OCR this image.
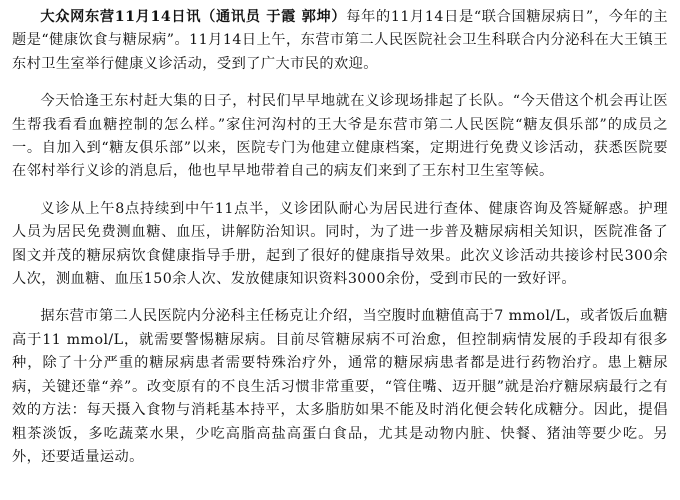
大众网东营11月14日讯（通讯员 于霞 郭坤）每年的11月14日是“联合国糖尿病日”，今年的主题是“健康饮食与糖尿病”。11月14日上午，东营市第二人民医院社会卫生科联合内分泌科在大王镇王东村卫生室举行健康义诊活动，受到了广大市民的欢迎。

今天恰逢王东村赶大集的日子，村民们早早地就在义诊现场排起了长队。“今天借这个机会再让医生帮我看看血糖控制的怎么样。”家住河沟村的王大爷是东营市第二人民医院“糖友俱乐部”的成员之一。自加入到“糖友俱乐部”以来，医院专门为他建立健康档案，定期进行免费义诊活动，获悉医院要在邻村举行义诊的消息后，他也早早地带着自己的病友们来到了王东村卫生室等候。

义诊从上午8点持续到中午11点半，义诊团队耐心为居民进行查体、健康咨询及答疑解惑。护理人员为居民免费测血糖、血压，讲解防治知识。同时，为了进一步普及糖尿病相关知识，医院准备了图文并茂的糖尿病饮食健康指导手册，起到了很好的健康指导效果。此次义诊活动共接诊村民300余人次，测血糖、血压150余人次、发放健康知识资料3000余份，受到市民的一致好评。

据东营市第二人民医院内分泌科主任杨克让介绍，当空腹时血糖值高于7 mmol/L，或者饭后血糖高于11 mmol/L，就需要警惕糖尿病。目前尽管糖尿病不可治愈，但控制病情发展的手段却有很多种，除了十分严重的糖尿病患者需要特殊治疗外，通常的糖尿病患者都是进行药物治疗。患上糖尿病，关键还靠“养”。改变原有的不良生活习惯非常重要，“管住嘴、迈开腿”就是治疗糖尿病最行之有效的方法：每天摄入食物与消耗基本持平，太多脂肪如果不能及时消化便会转化成糖分。因此，提倡粗茶淡饭，多吃蔬菜水果，少吃高脂高盐高蛋白食品，尤其是动物内脏、快餐、猪油等要少吃。另外，还要适量运动。
